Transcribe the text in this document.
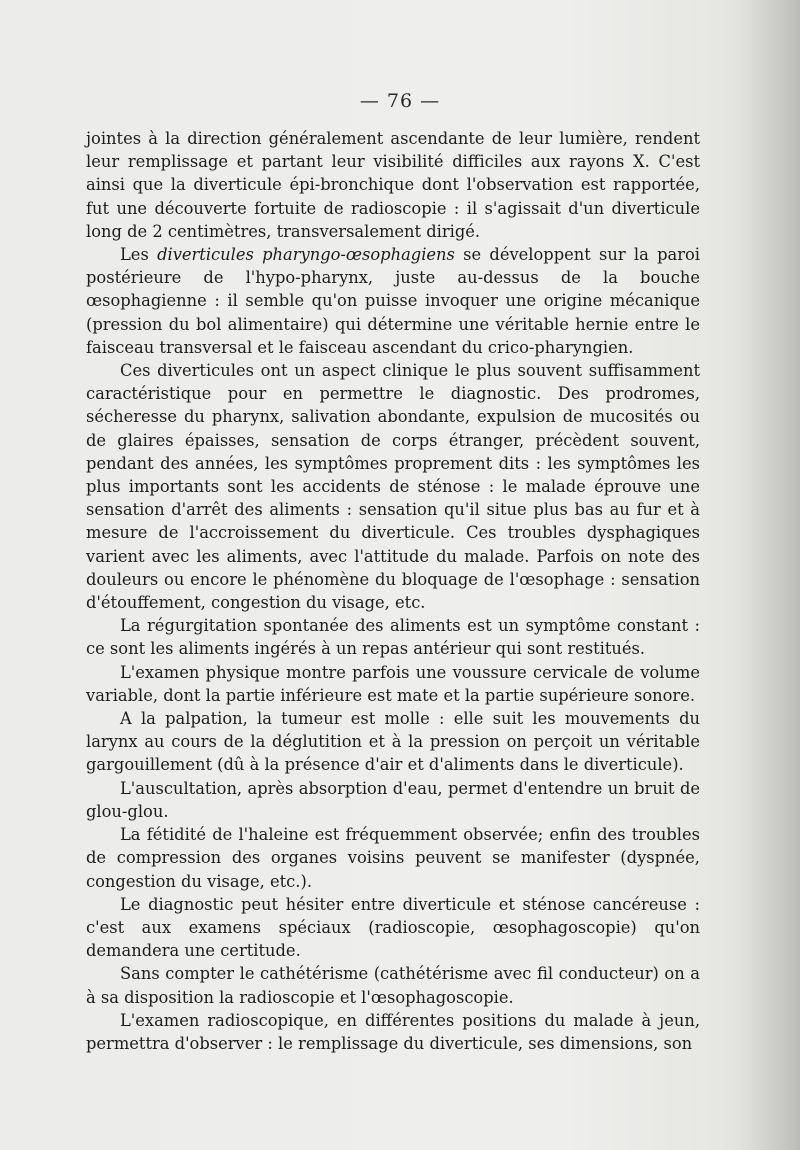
— 76 —

jointes à la direction généralement ascendante de leur lumière, rendent leur remplissage et partant leur visibilité difficiles aux rayons X. C'est ainsi que la diverticule épi-bronchique dont l'observation est rapportée, fut une découverte fortuite de radioscopie : il s'agissait d'un diverticule long de 2 centimètres, transversalement dirigé.

Les diverticules pharyngo-œsophagiens se développent sur la paroi postérieure de l'hypo-pharynx, juste au-dessus de la bouche œsophagienne : il semble qu'on puisse invoquer une origine mécanique (pression du bol alimentaire) qui détermine une véritable hernie entre le faisceau transversal et le faisceau ascendant du crico-pharyngien.

Ces diverticules ont un aspect clinique le plus souvent suffisamment caractéristique pour en permettre le diagnostic. Des prodromes, sécheresse du pharynx, salivation abondante, expulsion de mucosités ou de glaires épaisses, sensation de corps étranger, précèdent souvent, pendant des années, les symptômes proprement dits : les symptômes les plus importants sont les accidents de sténose : le malade éprouve une sensation d'arrêt des aliments : sensation qu'il situe plus bas au fur et à mesure de l'accroissement du diverticule. Ces troubles dysphagiques varient avec les aliments, avec l'attitude du malade. Parfois on note des douleurs ou encore le phénomène du bloquage de l'œsophage : sensation d'étouffement, congestion du visage, etc.

La régurgitation spontanée des aliments est un symptôme constant : ce sont les aliments ingérés à un repas antérieur qui sont restitués.

L'examen physique montre parfois une voussure cervicale de volume variable, dont la partie inférieure est mate et la partie supérieure sonore.

A la palpation, la tumeur est molle : elle suit les mouvements du larynx au cours de la déglutition et à la pression on perçoit un véritable gargouillement (dû à la présence d'air et d'aliments dans le diverticule).

L'auscultation, après absorption d'eau, permet d'entendre un bruit de glou-glou.

La fétidité de l'haleine est fréquemment observée; enfin des troubles de compression des organes voisins peuvent se manifester (dyspnée, congestion du visage, etc.).

Le diagnostic peut hésiter entre diverticule et sténose cancéreuse : c'est aux examens spéciaux (radioscopie, œsophagoscopie) qu'on demandera une certitude.

Sans compter le cathétérisme (cathétérisme avec fil conducteur) on a à sa disposition la radioscopie et l'œsophagoscopie.

L'examen radioscopique, en différentes positions du malade à jeun, permettra d'observer : le remplissage du diverticule, ses dimensions, son
